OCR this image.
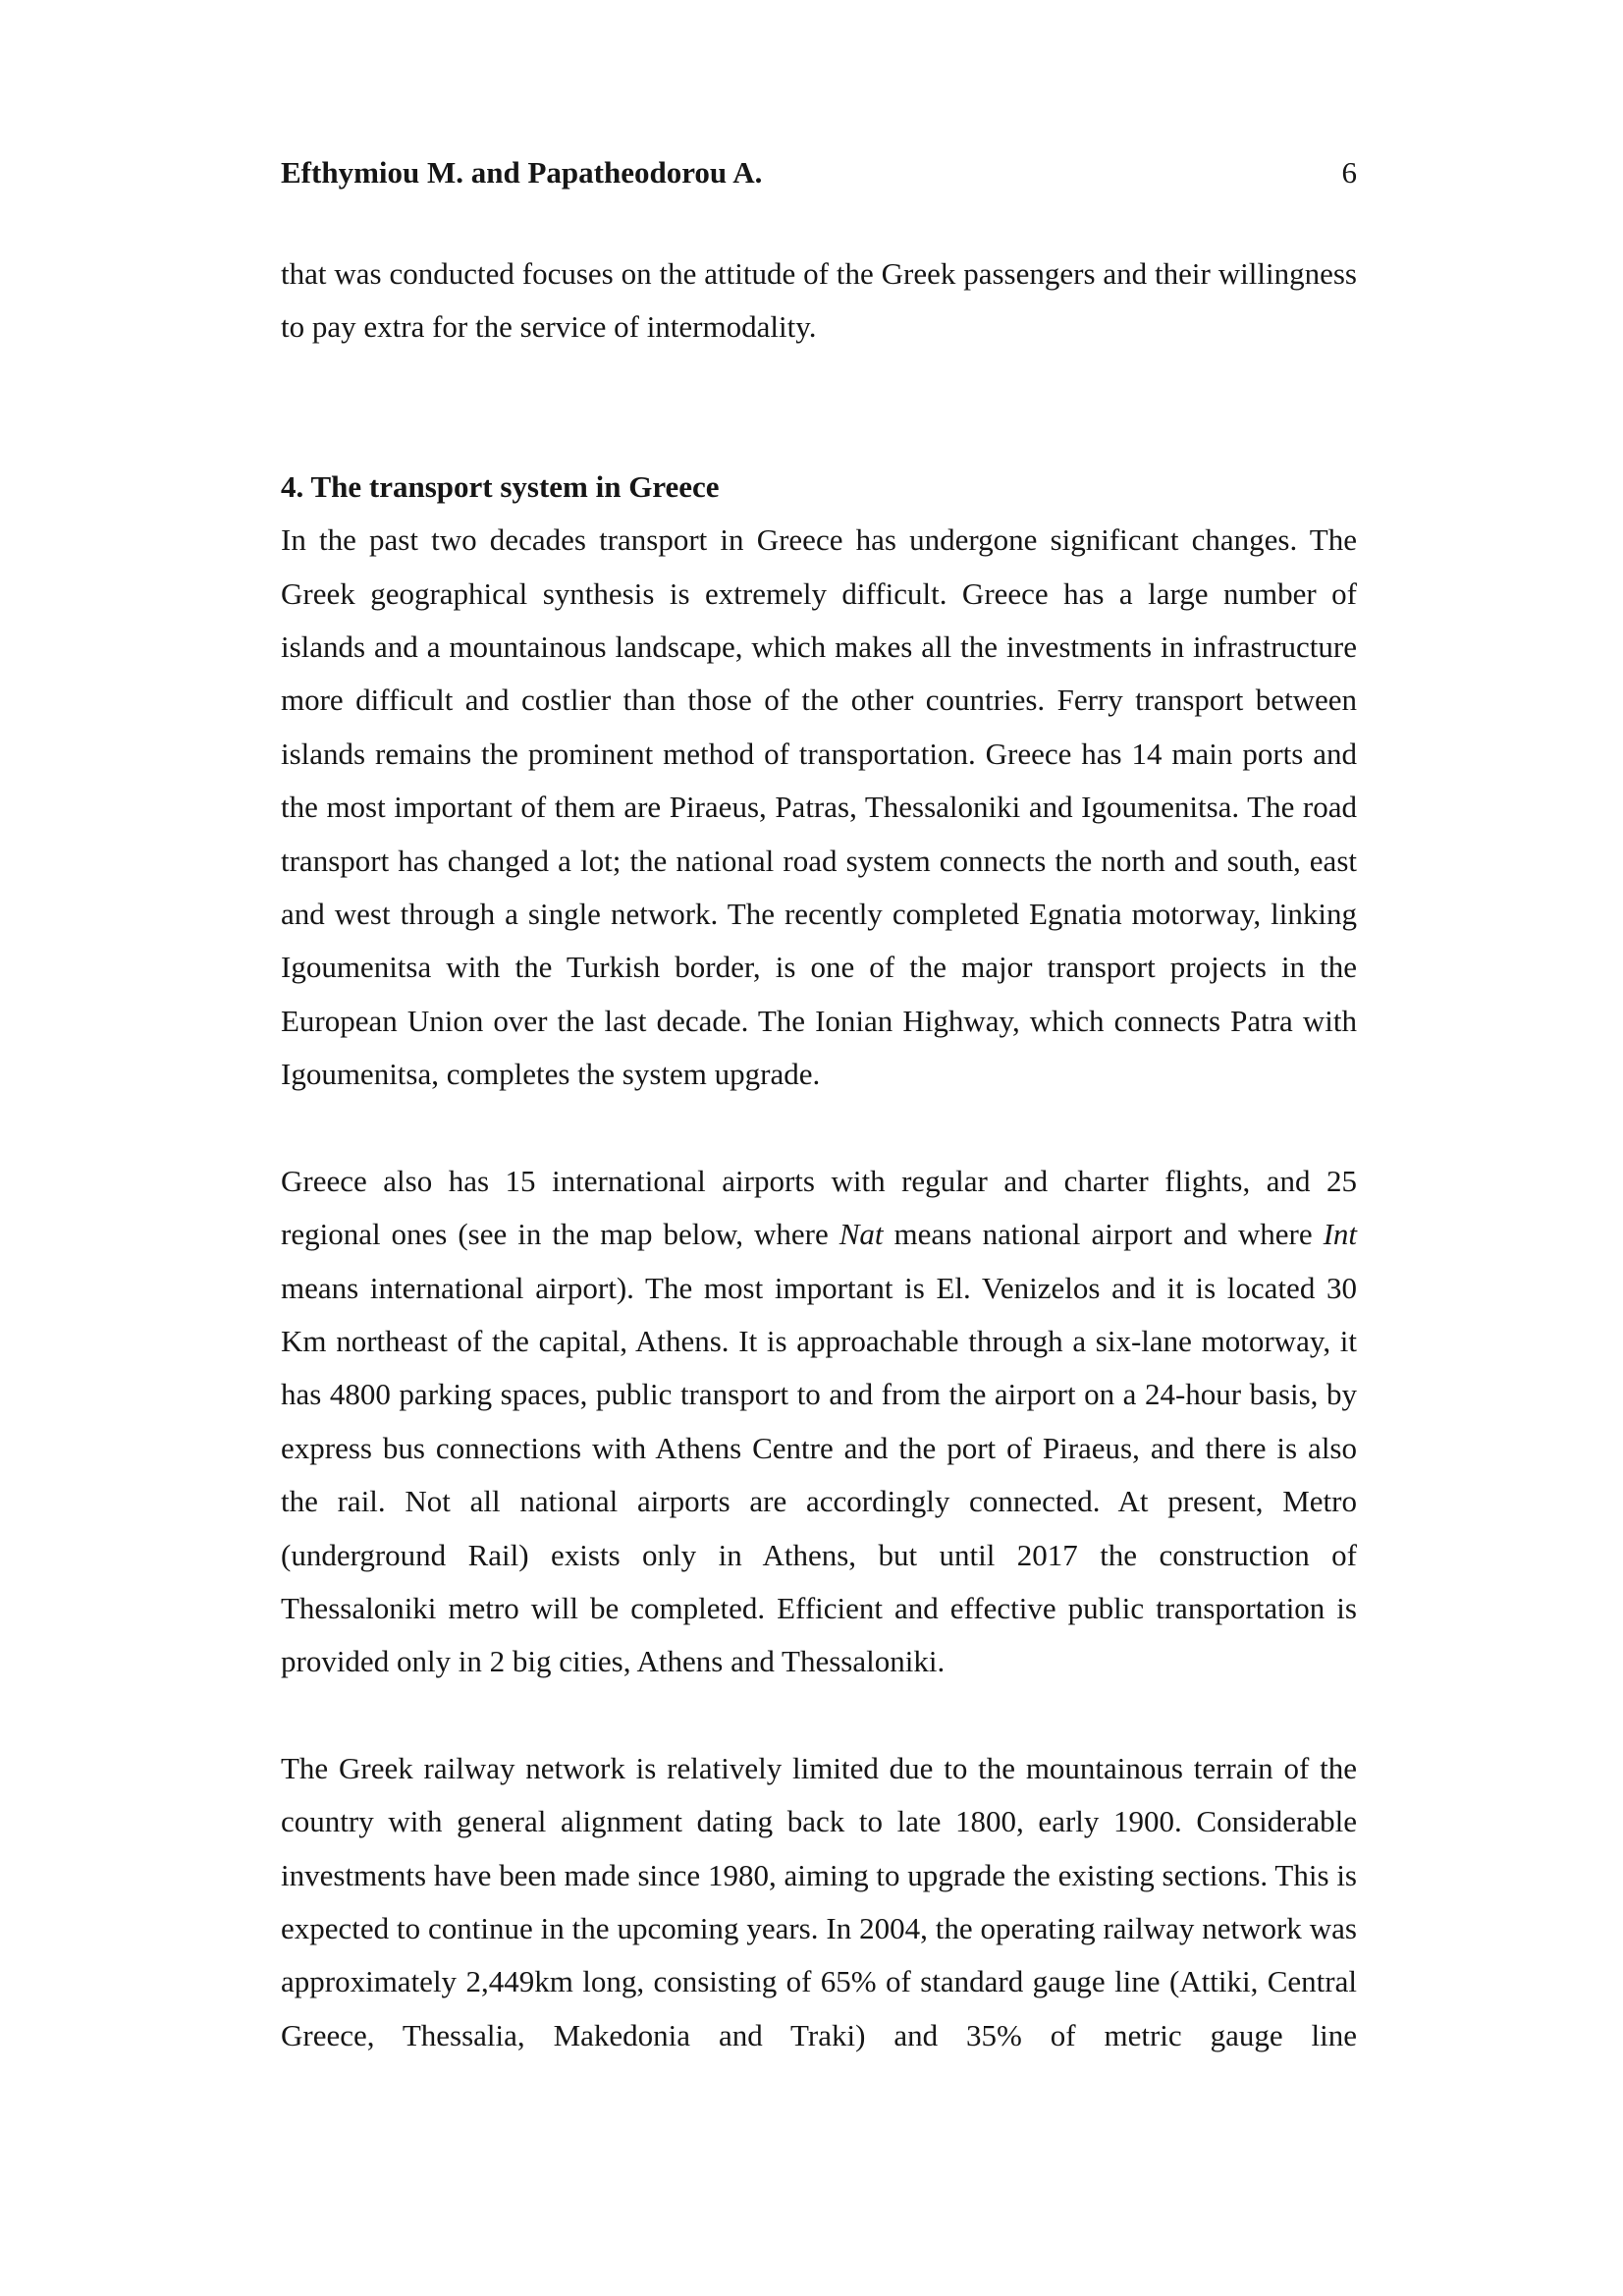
Efthymiou M. and Papatheodorou A.	6

that was conducted focuses on the attitude of the Greek passengers and their willingness to pay extra for the service of intermodality.

4. The transport system in Greece

In the past two decades transport in Greece has undergone significant changes. The Greek geographical synthesis is extremely difficult. Greece has a large number of islands and a mountainous landscape, which makes all the investments in infrastructure more difficult and costlier than those of the other countries. Ferry transport between islands remains the prominent method of transportation. Greece has 14 main ports and the most important of them are Piraeus, Patras, Thessaloniki and Igoumenitsa. The road transport has changed a lot; the national road system connects the north and south, east and west through a single network. The recently completed Egnatia motorway, linking Igoumenitsa with the Turkish border, is one of the major transport projects in the European Union over the last decade. The Ionian Highway, which connects Patra with Igoumenitsa, completes the system upgrade.

Greece also has 15 international airports with regular and charter flights, and 25 regional ones (see in the map below, where Nat means national airport and where Int means international airport). The most important is El. Venizelos and it is located 30 Km northeast of the capital, Athens. It is approachable through a six-lane motorway, it has 4800 parking spaces, public transport to and from the airport on a 24-hour basis, by express bus connections with Athens Centre and the port of Piraeus, and there is also the rail. Not all national airports are accordingly connected. At present, Metro (underground Rail) exists only in Athens, but until 2017 the construction of Thessaloniki metro will be completed. Efficient and effective public transportation is provided only in 2 big cities, Athens and Thessaloniki.

The Greek railway network is relatively limited due to the mountainous terrain of the country with general alignment dating back to late 1800, early 1900. Considerable investments have been made since 1980, aiming to upgrade the existing sections. This is expected to continue in the upcoming years. In 2004, the operating railway network was approximately 2,449km long, consisting of 65% of standard gauge line (Attiki, Central Greece, Thessalia, Makedonia and Traki) and 35% of metric gauge line
